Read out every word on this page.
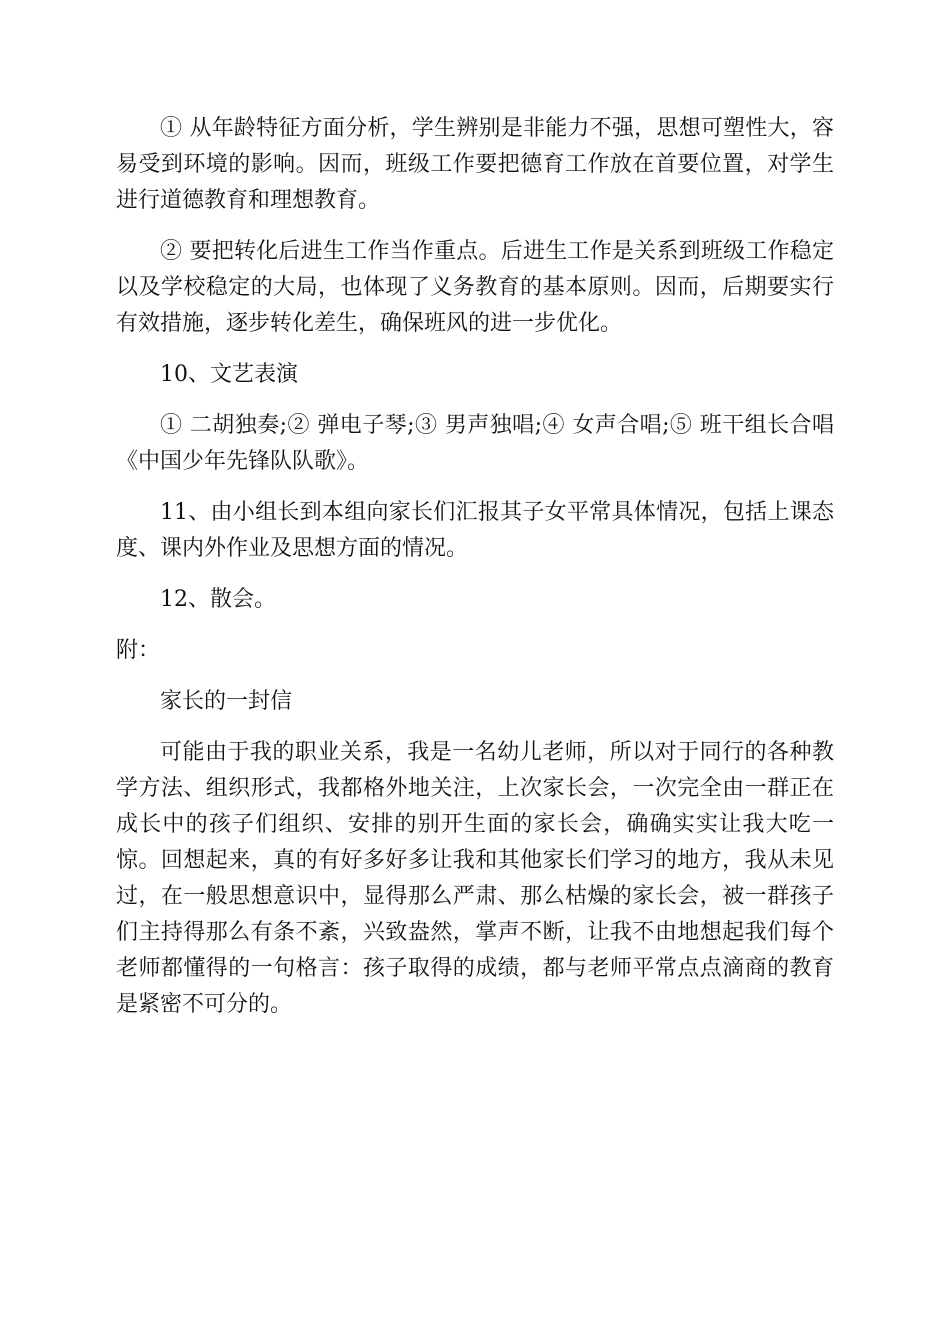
① 从年龄特征方面分析，学生辨别是非能力不强，思想可塑性大，容易受到环境的影响。因而，班级工作要把德育工作放在首要位置，对学生进行道德教育和理想教育。

② 要把转化后进生工作当作重点。后进生工作是关系到班级工作稳定以及学校稳定的大局，也体现了义务教育的基本原则。因而，后期要实行有效措施，逐步转化差生，确保班风的进一步优化。

10、文艺表演

① 二胡独奏;② 弹电子琴;③ 男声独唱;④ 女声合唱;⑤ 班干组长合唱《中国少年先锋队队歌》。

11、由小组长到本组向家长们汇报其子女平常具体情况，包括上课态度、课内外作业及思想方面的情况。

12、散会。

附：

家长的一封信

可能由于我的职业关系，我是一名幼儿老师，所以对于同行的各种教学方法、组织形式，我都格外地关注，上次家长会，一次完全由一群正在成长中的孩子们组织、安排的别开生面的家长会，确确实实让我大吃一惊。回想起来，真的有好多好多让我和其他家长们学习的地方，我从未见过，在一般思想意识中，显得那么严肃、那么枯燥的家长会，被一群孩子们主持得那么有条不紊，兴致盎然，掌声不断，让我不由地想起我们每个老师都懂得的一句格言：孩子取得的成绩，都与老师平常点点滴商的教育是紧密不可分的。
